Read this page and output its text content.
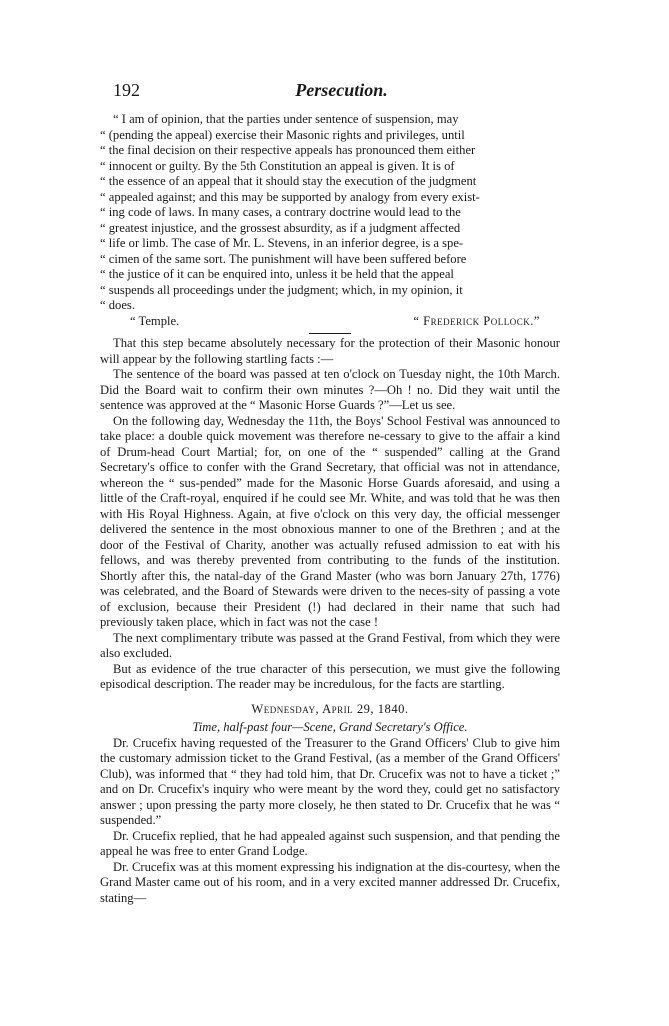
192	Persecution.

“ I am of opinion, that the parties under sentence of suspension, may

“ (pending the appeal) exercise their Masonic rights and privileges, until

“ the final decision on their respective appeals has pronounced them either

“ innocent or guilty. By the 5th Constitution an appeal is given. It is of

“ the essence of an appeal that it should stay the execution of the judgment

“ appealed against; and this may be supported by analogy from every exist-

“ ing code of laws. In many cases, a contrary doctrine would lead to the

“ greatest injustice, and the grossest absurdity, as if a judgment affected

“ life or limb. The case of Mr. L. Stevens, in an inferior degree, is a spe-

“ cimen of the same sort. The punishment will have been suffered before

“ the justice of it can be enquired into, unless it be held that the appeal

“ suspends all proceedings under the judgment; which, in my opinion, it

“ does.

“ Temple.	“ Frederick Pollock.”

That this step became absolutely necessary for the protection of their Masonic honour will appear by the following startling facts :—

The sentence of the board was passed at ten o'clock on Tuesday night, the 10th March. Did the Board wait to confirm their own minutes ?—Oh ! no. Did they wait until the sentence was approved at the “ Masonic Horse Guards ?”—Let us see.

On the following day, Wednesday the 11th, the Boys' School Festival was announced to take place: a double quick movement was therefore ne-cessary to give to the affair a kind of Drum-head Court Martial; for, on one of the “ suspended” calling at the Grand Secretary's office to confer with the Grand Secretary, that official was not in attendance, whereon the “ sus-pended” made for the Masonic Horse Guards aforesaid, and using a little of the Craft-royal, enquired if he could see Mr. White, and was told that he was then with His Royal Highness. Again, at five o'clock on this very day, the official messenger delivered the sentence in the most obnoxious manner to one of the Brethren ; and at the door of the Festival of Charity, another was actually refused admission to eat with his fellows, and was thereby prevented from contributing to the funds of the institution. Shortly after this, the natal-day of the Grand Master (who was born January 27th, 1776) was celebrated, and the Board of Stewards were driven to the neces-sity of passing a vote of exclusion, because their President (!) had declared in their name that such had previously taken place, which in fact was not the case !

The next complimentary tribute was passed at the Grand Festival, from which they were also excluded.

But as evidence of the true character of this persecution, we must give the following episodical description. The reader may be incredulous, for the facts are startling.

Wednesday, April 29, 1840.

Time, half-past four—Scene, Grand Secretary's Office.

Dr. Crucefix having requested of the Treasurer to the Grand Officers' Club to give him the customary admission ticket to the Grand Festival, (as a member of the Grand Officers' Club), was informed that “ they had told him, that Dr. Crucefix was not to have a ticket ;” and on Dr. Crucefix's inquiry who were meant by the word they, could get no satisfactory answer ; upon pressing the party more closely, he then stated to Dr. Crucefix that he was “ suspended.”

Dr. Crucefix replied, that he had appealed against such suspension, and that pending the appeal he was free to enter Grand Lodge.

Dr. Crucefix was at this moment expressing his indignation at the dis-courtesy, when the Grand Master came out of his room, and in a very excited manner addressed Dr. Crucefix, stating—
